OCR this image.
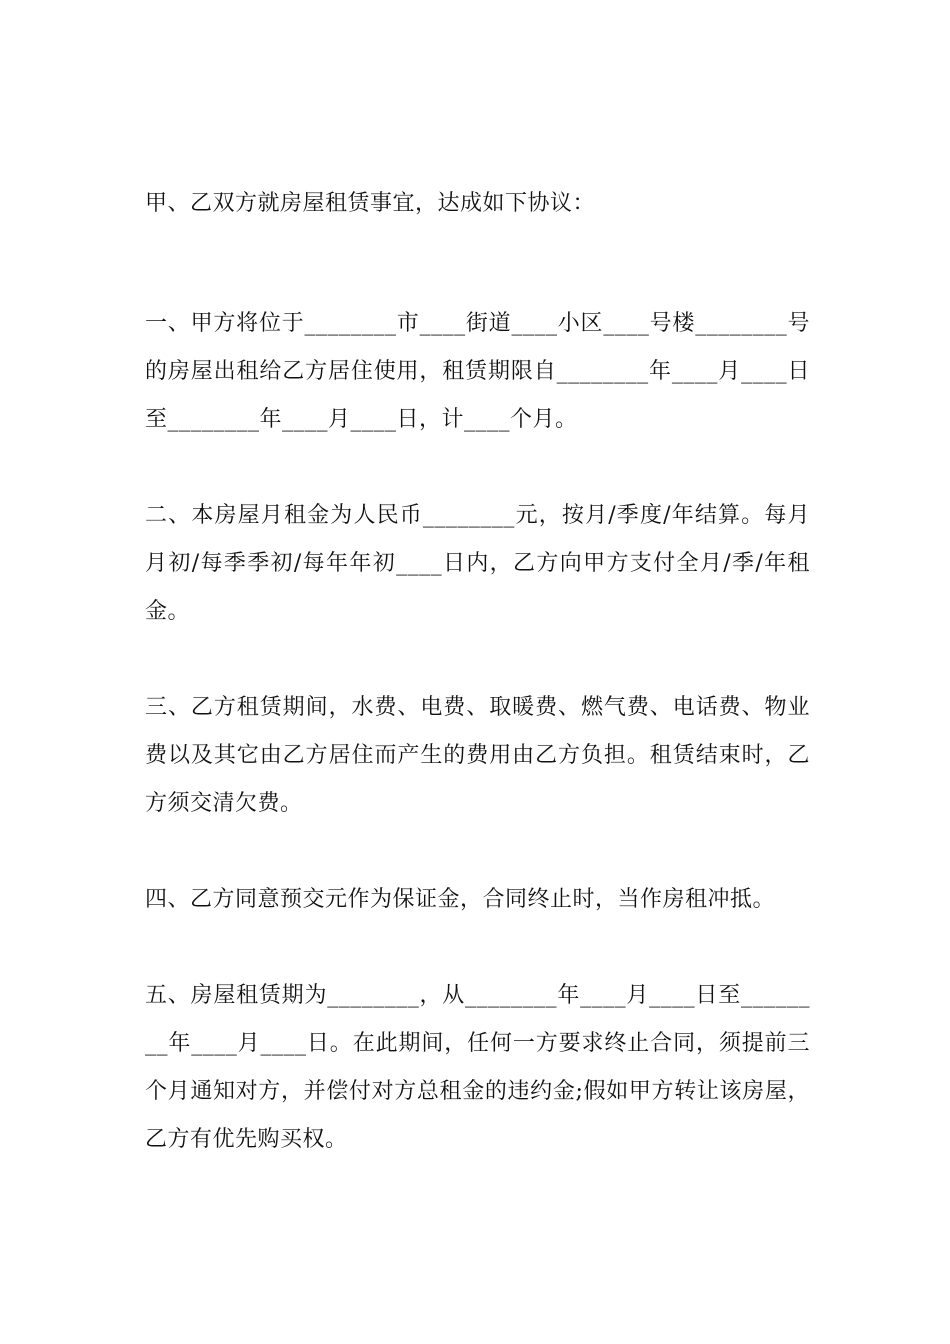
甲、乙双方就房屋租赁事宜，达成如下协议：

一、甲方将位于________市____街道____小区____号楼________号的房屋出租给乙方居住使用，租赁期限自________年____月____日至________年____月____日，计____个月。

二、本房屋月租金为人民币________元，按月/季度/年结算。每月月初/每季季初/每年年初____日内，乙方向甲方支付全月/季/年租金。

三、乙方租赁期间，水费、电费、取暖费、燃气费、电话费、物业费以及其它由乙方居住而产生的费用由乙方负担。租赁结束时，乙方须交清欠费。

四、乙方同意预交元作为保证金，合同终止时，当作房租冲抵。

五、房屋租赁期为________，从________年____月____日至________年____月____日。在此期间，任何一方要求终止合同，须提前三个月通知对方，并偿付对方总租金的违约金;假如甲方转让该房屋，乙方有优先购买权。
